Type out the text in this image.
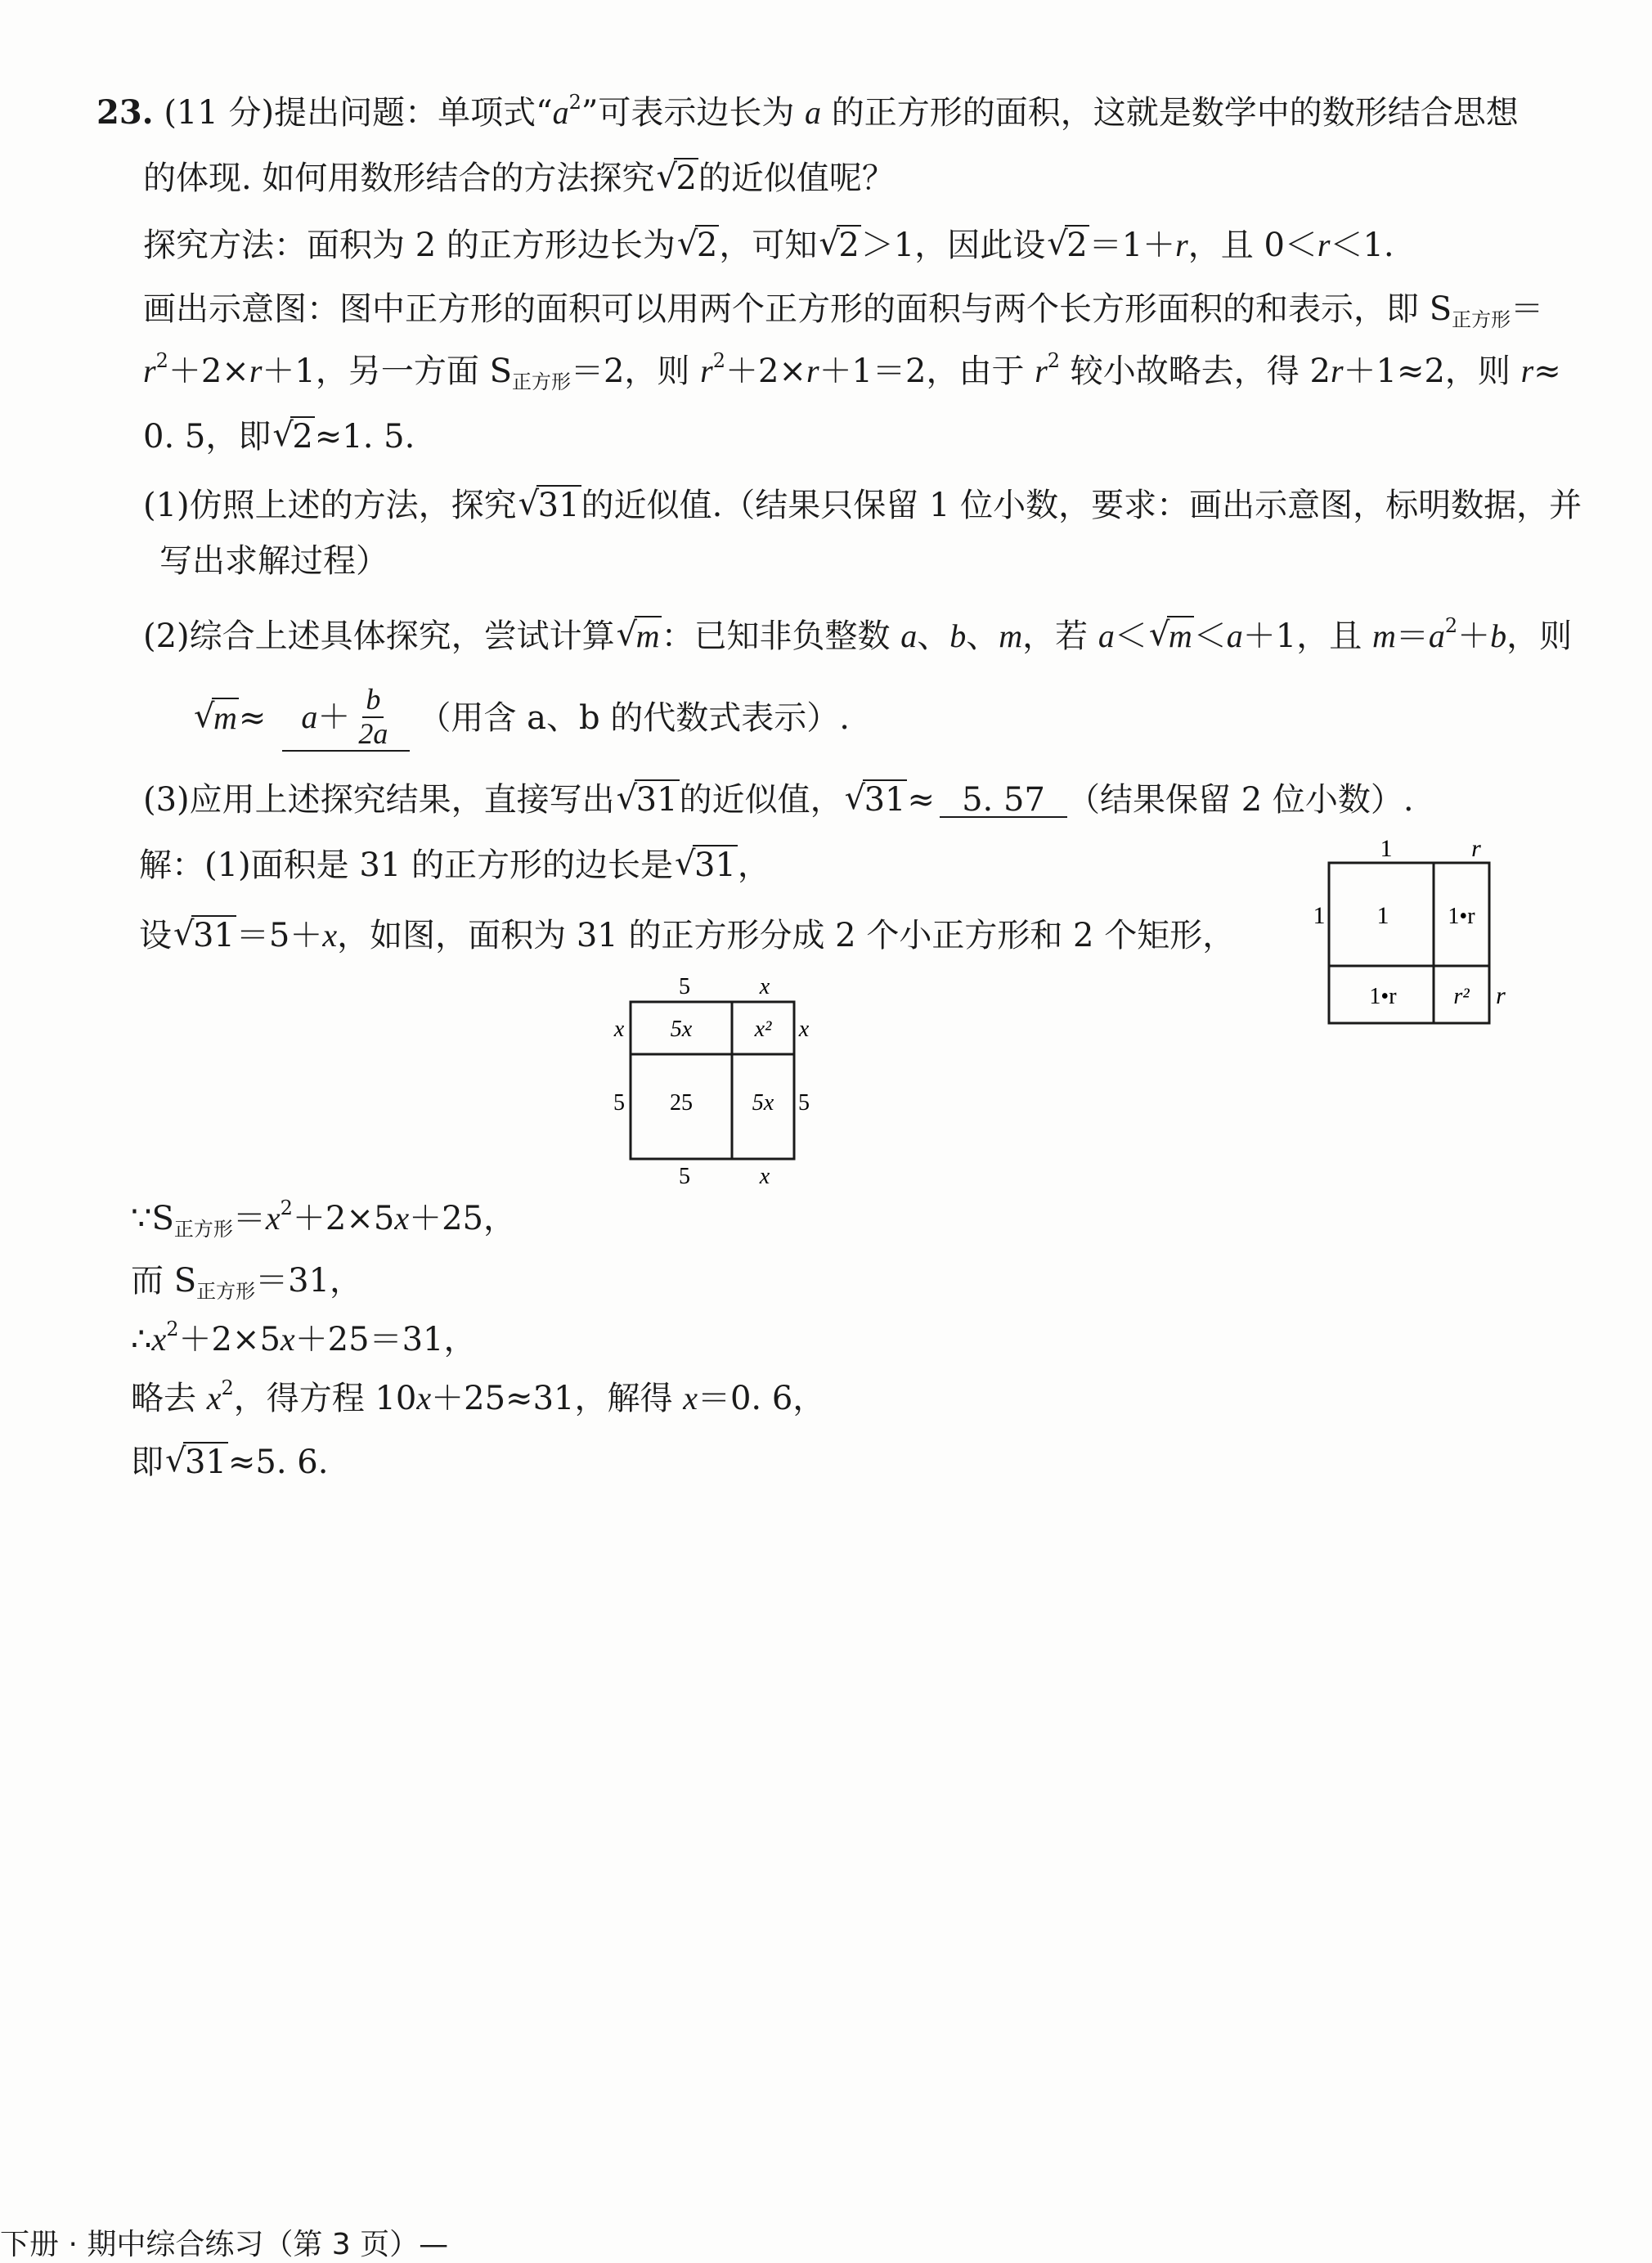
23. (11 分)提出问题：单项式“$a^2$”可表示边长为 a 的正方形的面积，这就是数学中的数形结合思想
的体现. 如何用数形结合的方法探究 √ 2的近似值呢？
探究方法：面积为 2 的正方形边长为 √ 2，可知 √ 2＞1，因此设 √ 2＝1＋r，且 0＜r＜1.
画出示意图：图中正方形的面积可以用两个正方形的面积与两个长方形面积的和表示，即 $S_{正方形}=$
$r^2+2\times r+1$，另一方面 $S_{正方形}=2$，则 $r^2+2\times r+1=2$，由于 $r^2$ 较小故略去，得 2r＋1≈2，则 r≈
0. 5，即 √ 2≈1. 5.
(1)仿照上述的方法，探究 √ 31的近似值.（结果只保留 1 位小数，要求：画出示意图，标明数据，并
写出求解过程）
(2)综合上述具体探究，尝试计算 √ m：已知非负整数 a、b、m，若 a＜ √ m＜a＋1，且 $m=a^2+b$，则
√ $m \approx a + \frac{b}{2a}$ （用含 a、b 的代数式表示）.
(3)应用上述探究结果，直接写出 √ 31的近似值， √ 31≈ 5. 57 （结果保留 2 位小数）.
解：(1)面积是 31 的正方形的边长是 √ 31，
设 √ 31＝5＋x，如图，面积为 31 的正方形分成 2 个小正方形和 2 个矩形，
$\because S_{正方形}=x^2+2\times 5x+25$，
而 $S_{正方形}=31$，
$\therefore x^2+2\times 5x+25=31$，
略去 $x^2$，得方程 10x＋25≈31，解得 x＝0. 6，
即 √ 31≈5. 6.
1	r
1
r
1	1•r
1•r r²
5	x
5	x
x
5
x
5
5x	x²
25	5x
下册 · 期中综合练习（第 3 页）—
